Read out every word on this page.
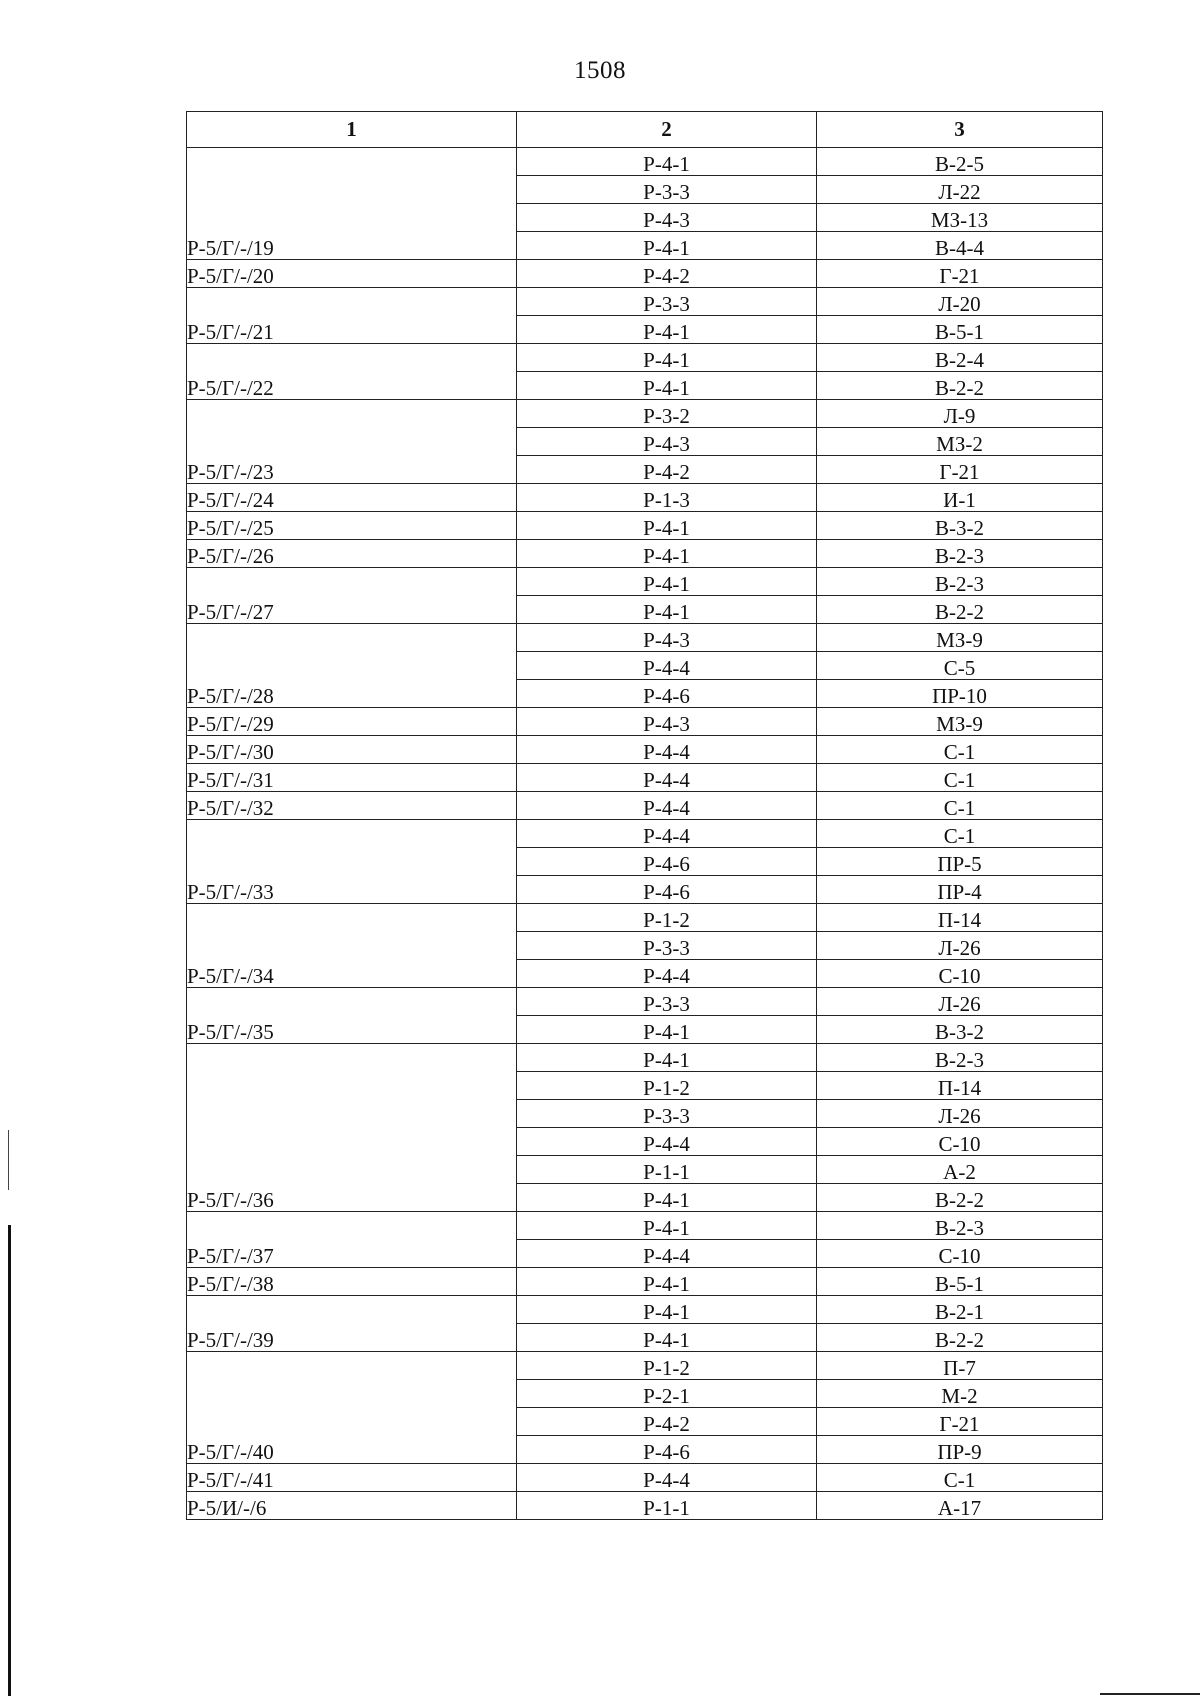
1508
1	2	3
Р-5/Г/-/19	Р-4-1	В-2-5
	Р-3-3	Л-22
	Р-4-3	МЗ-13
	Р-4-1	В-4-4
Р-5/Г/-/20	Р-4-2	Г-21
Р-5/Г/-/21	Р-3-3	Л-20
	Р-4-1	В-5-1
Р-5/Г/-/22	Р-4-1	В-2-4
	Р-4-1	В-2-2
Р-5/Г/-/23	Р-3-2	Л-9
	Р-4-3	МЗ-2
	Р-4-2	Г-21
Р-5/Г/-/24	Р-1-3	И-1
Р-5/Г/-/25	Р-4-1	В-3-2
Р-5/Г/-/26	Р-4-1	В-2-3
Р-5/Г/-/27	Р-4-1	В-2-3
	Р-4-1	В-2-2
Р-5/Г/-/28	Р-4-3	МЗ-9
	Р-4-4	С-5
	Р-4-6	ПР-10
Р-5/Г/-/29	Р-4-3	МЗ-9
Р-5/Г/-/30	Р-4-4	С-1
Р-5/Г/-/31	Р-4-4	С-1
Р-5/Г/-/32	Р-4-4	С-1
Р-5/Г/-/33	Р-4-4	С-1
	Р-4-6	ПР-5
	Р-4-6	ПР-4
Р-5/Г/-/34	Р-1-2	П-14
	Р-3-3	Л-26
	Р-4-4	С-10
Р-5/Г/-/35	Р-3-3	Л-26
	Р-4-1	В-3-2
Р-5/Г/-/36	Р-4-1	В-2-3
	Р-1-2	П-14
	Р-3-3	Л-26
	Р-4-4	С-10
	Р-1-1	А-2
	Р-4-1	В-2-2
Р-5/Г/-/37	Р-4-1	В-2-3
	Р-4-4	С-10
Р-5/Г/-/38	Р-4-1	В-5-1
Р-5/Г/-/39	Р-4-1	В-2-1
	Р-4-1	В-2-2
Р-5/Г/-/40	Р-1-2	П-7
	Р-2-1	М-2
	Р-4-2	Г-21
	Р-4-6	ПР-9
Р-5/Г/-/41	Р-4-4	С-1
Р-5/И/-/6	Р-1-1	А-17
